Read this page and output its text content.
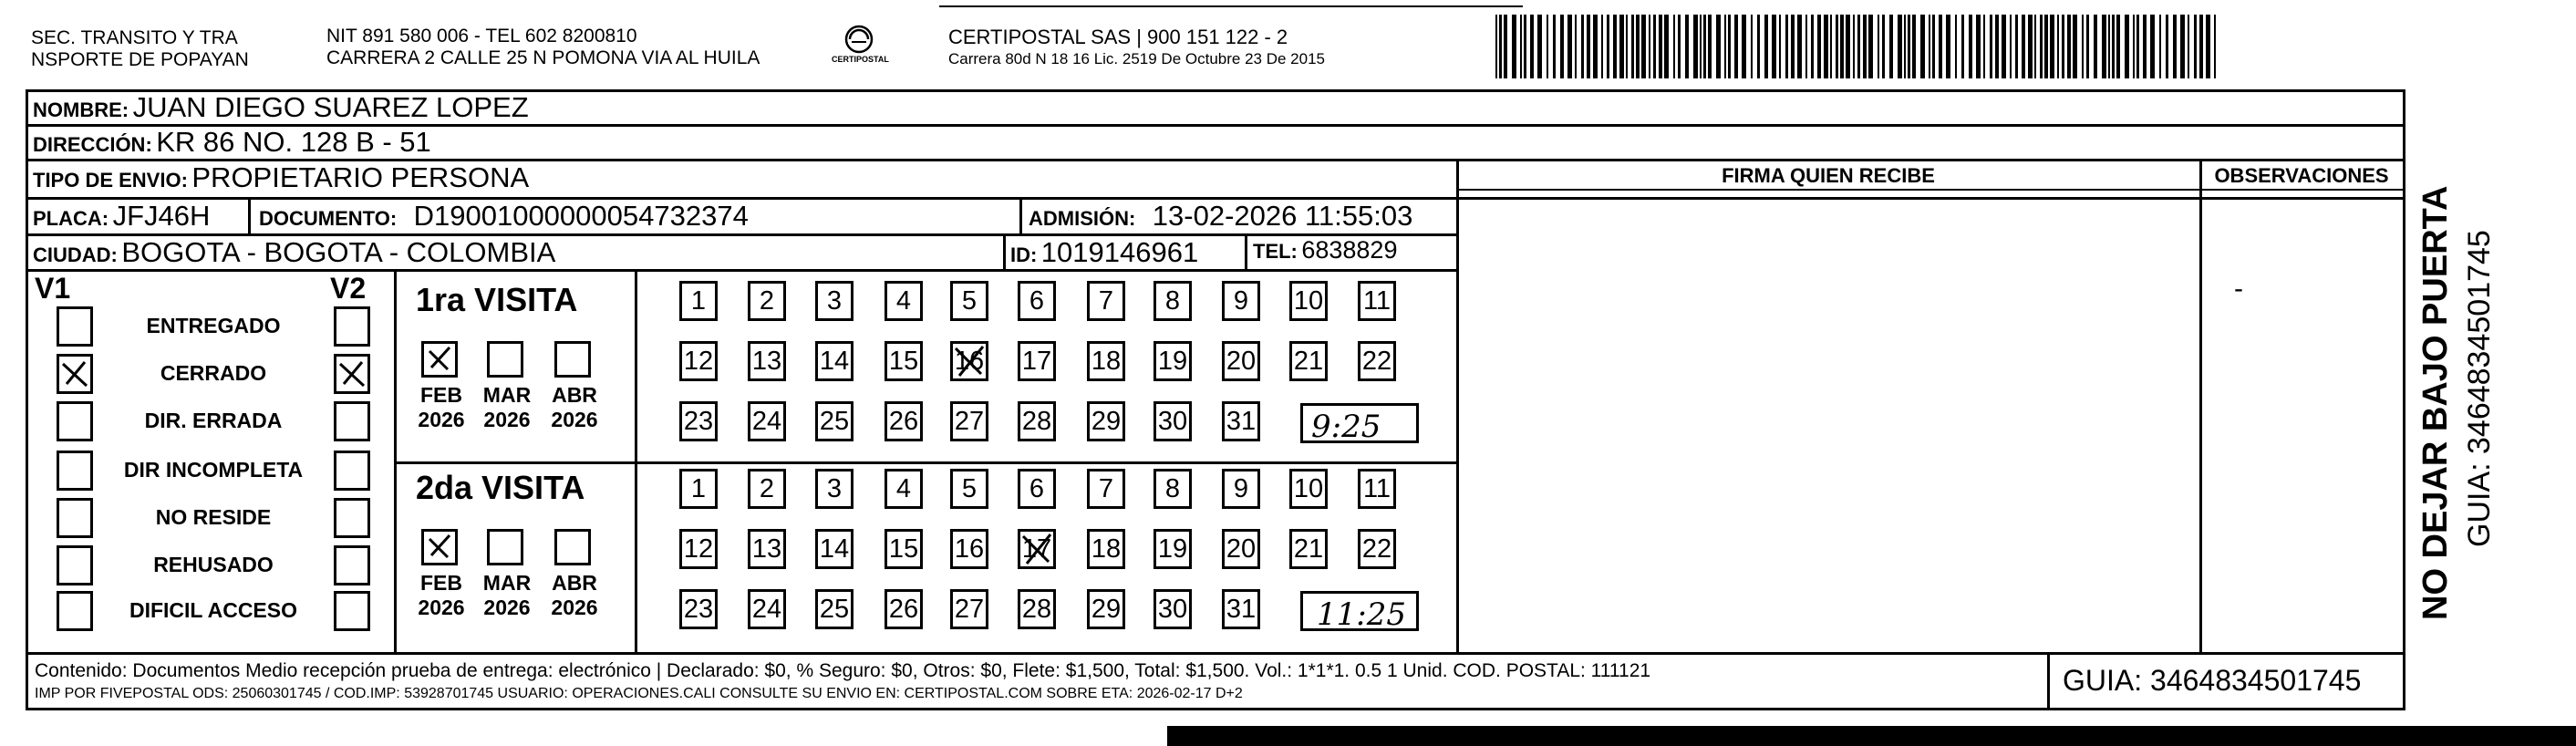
SEC. TRANSITO Y TRA
NSPORTE DE POPAYAN
NIT 891 580 006 - TEL 602 8200810
CARRERA 2 CALLE 25 N POMONA VIA AL HUILA	CERTIPOSTAL
CERTIPOSTAL SAS | 900 151 122 - 2
Carrera 80d N 18 16 Lic. 2519 De Octubre 23 De 2015
NOMBRE: JUAN DIEGO SUAREZ LOPEZ
DIRECCIÓN: KR 86 NO. 128 B - 51
TIPO DE ENVIO: PROPIETARIO PERSONA
PLACA: JFJ46H DOCUMENTO: D19001000000054732374	ADMISIÓN: 13-02-2026 11:55:03
CIUDAD: BOGOTA - BOGOTA - COLOMBIA	ID: 1019146961	TEL: 6838829
FIRMA QUIEN RECIBE	OBSERVACIONES
-
V1	V2
ENTREGADO
CERRADO
DIR. ERRADA
DIR INCOMPLETA
NO RESIDE
REHUSADO
DIFICIL ACCESO
1ra VISITA
2da VISITA
1	2	3	4	5	6	7	8	9	10 11
12 13 14 15 16 17 18 19 20 21 22
23 24 25 26 27 28 29 30 31
FEB
2026
MAR
2026
ABR
2026
1	2	3	4	5	6	7	8	9	10 11
12 13 14 15 16 17 18 19 20 21 22
23 24 25 26 27 28 29 30 31
FEB
2026
MAR
2026
ABR
2026
9:25
11:25
Contenido: Documentos Medio recepción prueba de entrega: electrónico | Declarado: $0, % Seguro: $0, Otros: $0, Flete: $1,500, Total: $1,500. Vol.: 1*1*1. 0.5 1 Unid. COD. POSTAL: 111121
IMP POR FIVEPOSTAL ODS: 25060301745 / COD.IMP: 53928701745 USUARIO: OPERACIONES.CALI CONSULTE SU ENVIO EN: CERTIPOSTAL.COM SOBRE ETA: 2026-02-17 D+2	GUIA: 3464834501745
NO DEJAR BAJO PUERTA GUIA: 3464834501745
